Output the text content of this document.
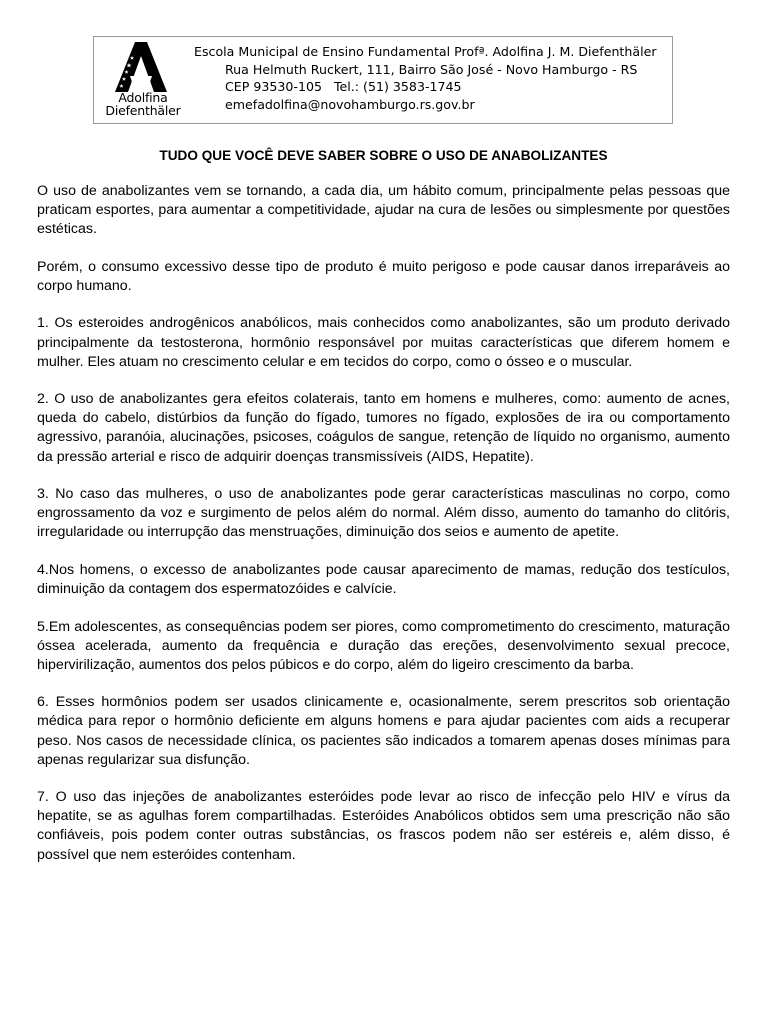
Adolfina
Diefenthäler
Escola Municipal de Ensino Fundamental Profª. Adolfina J. M. Diefenthäler
Rua Helmuth Ruckert, 111, Bairro São José - Novo Hamburgo - RS
CEP 93530-105   Tel.: (51) 3583-1745
emefadolfina@novohamburgo.rs.gov.br
TUDO QUE VOCÊ DEVE SABER SOBRE O USO DE ANABOLIZANTES

O uso de anabolizantes vem se tornando, a cada dia, um hábito comum, principalmente pelas pessoas que praticam esportes, para aumentar a competitividade, ajudar na cura de lesões ou simplesmente por questões estéticas.

Porém, o consumo excessivo desse tipo de produto é muito perigoso e pode causar danos irreparáveis ao corpo humano.

1. Os esteroides androgênicos anabólicos, mais conhecidos como anabolizantes, são um produto derivado principalmente da testosterona, hormônio responsável por muitas características que diferem homem e mulher. Eles atuam no crescimento celular e em tecidos do corpo, como o ósseo e o muscular.

2. O uso de anabolizantes gera efeitos colaterais, tanto em homens e mulheres, como: aumento de acnes, queda do cabelo, distúrbios da função do fígado, tumores no fígado, explosões de ira ou comportamento agressivo, paranóia, alucinações, psicoses, coágulos de sangue, retenção de líquido no organismo, aumento da pressão arterial e risco de adquirir doenças transmissíveis (AIDS, Hepatite).

3. No caso das mulheres, o uso de anabolizantes pode gerar características masculinas no corpo, como engrossamento da voz e surgimento de pelos além do normal. Além disso, aumento do tamanho do clitóris, irregularidade ou interrupção das menstruações, diminuição dos seios e aumento de apetite.

4.Nos homens, o excesso de anabolizantes pode causar aparecimento de mamas, redução dos testículos, diminuição da contagem dos espermatozóides e calvície.

5.Em adolescentes, as consequências podem ser piores, como comprometimento do crescimento, maturação óssea acelerada, aumento da frequência e duração das ereções, desenvolvimento sexual precoce, hipervirilização, aumentos dos pelos púbicos e do corpo, além do ligeiro crescimento da barba.

6. Esses hormônios podem ser usados clinicamente e, ocasionalmente, serem prescritos sob orientação médica para repor o hormônio deficiente em alguns homens e para ajudar pacientes com aids a recuperar peso. Nos casos de necessidade clínica, os pacientes são indicados a tomarem apenas doses mínimas para apenas regularizar sua disfunção.

7. O uso das injeções de anabolizantes esteróides pode levar ao risco de infecção pelo HIV e vírus da hepatite, se as agulhas forem compartilhadas. Esteróides Anabólicos obtidos sem uma prescrição não são confiáveis, pois podem conter outras substâncias, os frascos podem não ser estéreis e, além disso, é possível que nem esteróides contenham.
